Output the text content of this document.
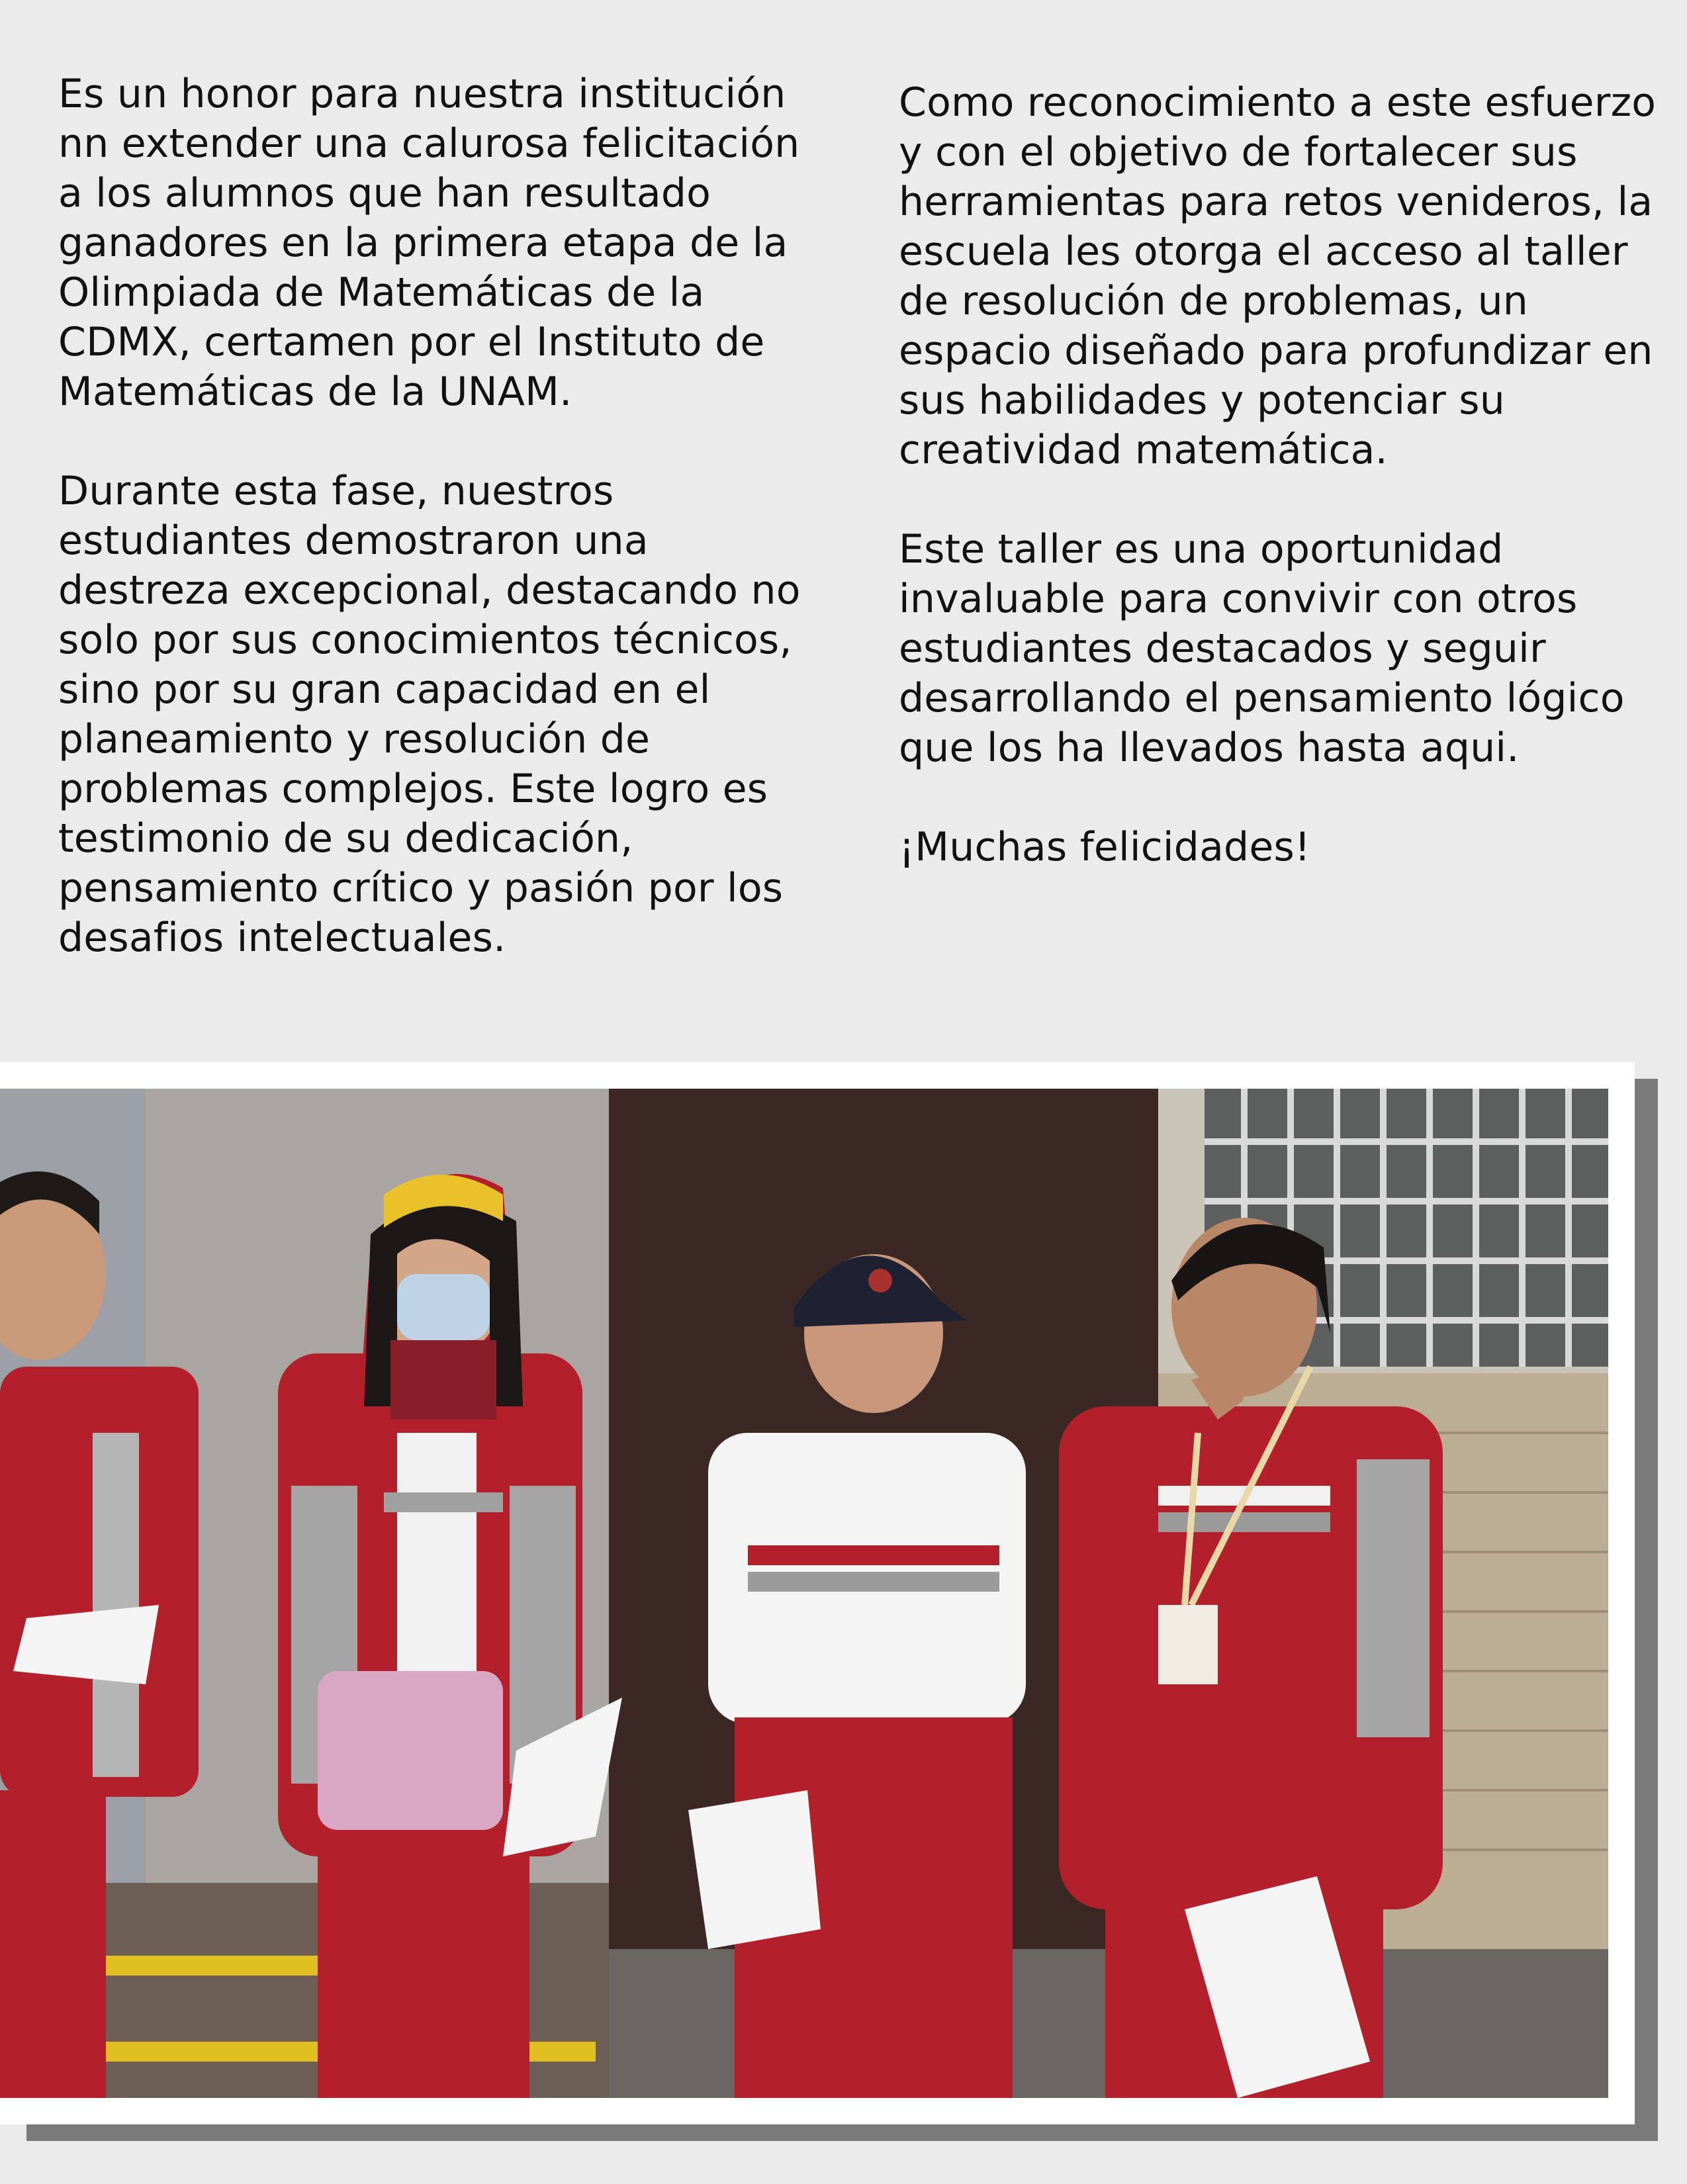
Es un honor para nuestra institución​nn extender una calurosa felicitación a los alumnos que han resultado ganadores en la primera etapa de la Olimpiada de Matemáticas de la CDMX, certamen por el Instituto de Matemáticas de la UNAM.

Durante esta fase, nuestros estudiantes demostraron una destreza excepcional, destacando no solo por sus conocimientos técnicos, sino por su gran capacidad en el planeamiento y resolución de problemas complejos. Este logro es testimonio de su dedicación, pensamiento crítico y pasión por los desafios intelectuales.

Como reconocimiento a este esfuerzo y con el objetivo de fortalecer sus herramientas para retos venideros, la escuela les otorga el acceso al taller de resolución de problemas, un espacio diseñado para profundizar en sus habilidades y potenciar su creatividad matemática.

Este taller es una oportunidad invaluable para convivir con otros estudiantes destacados y seguir desarrollando el pensamiento lógico que los ha llevados hasta aqui.

¡Muchas felicidades!
